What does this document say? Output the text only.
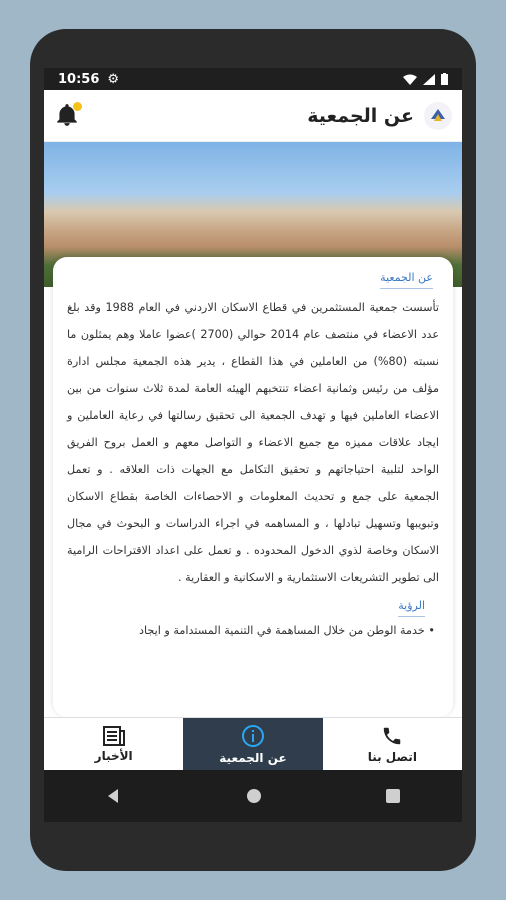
10:56 ⚙
عن الجمعية
عن الجمعية
تأسست جمعية المستثمرين في قطاع الاسكان الاردني في العام 1988 وقد بلغ عدد الاعضاء في منتصف عام 2014 حوالي (2700 )عضوا عاملا وهم يمثلون ما نسبته (80%) من العاملين في هذا القطاع ، يدير هذه الجمعية مجلس ادارة مؤلف من رئيس وثمانية اعضاء تنتخبهم الهيئه العامة لمدة ثلاث سنوات من بين الاعضاء العاملين فيها و تهدف الجمعية الى تحقيق رسالتها في رعاية العاملين و ايجاد علاقات مميزه مع جميع الاعضاء و التواصل معهم و العمل بروح الفريق الواحد لتلبية احتياجاتهم و تحقيق التكامل مع الجهات ذات العلاقه . و تعمل الجمعية على جمع و تحديث المعلومات و الاحصاءات الخاصة بقطاع الاسكان وتبويبها وتسهيل تبادلها ، و المساهمه في اجراء الدراسات و البحوث في مجال الاسكان وخاصة لذوي الدخول المحدوده . و تعمل على اعداد الاقتراحات الرامية الى تطوير التشريعات الاستثمارية و الاسكانية و العقارية .
الرؤية
• خدمة الوطن من خلال المساهمة في التنمية المستدامة و ايجاد
الأخبار	عن الجمعية	اتصل بنا
